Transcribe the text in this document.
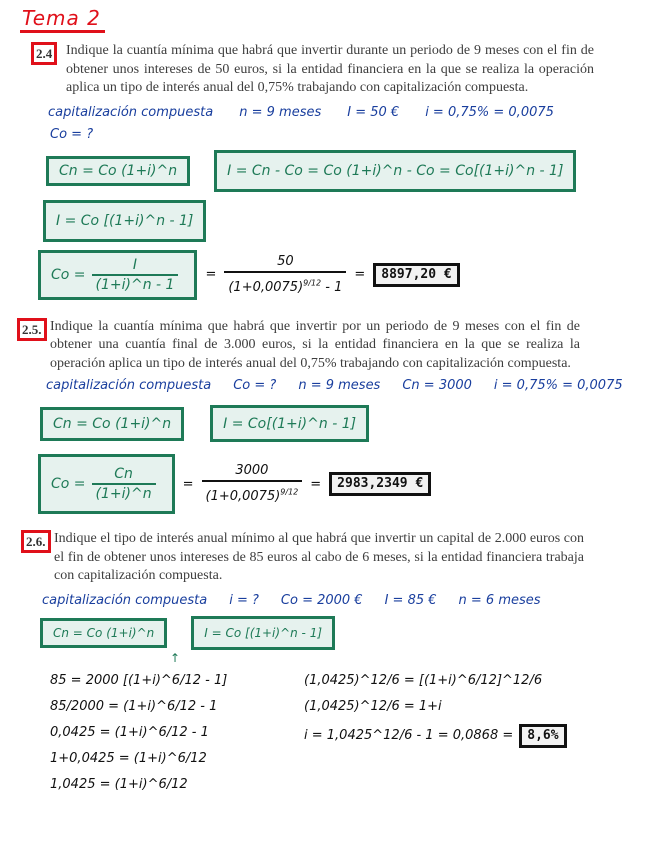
Tema 2
2.4 Indique la cuantía mínima que habrá que invertir durante un periodo de 9 meses con el fin de obtener unos intereses de 50 euros, si la entidad financiera en la que se realiza la operación aplica un tipo de interés anual del 0,75% trabajando con capitalización compuesta.
capitalización compuesta n = 9 meses I = 50 € i = 0,75% = 0,0075
Co = ?
Cn = Co (1+i)^n	I = Cn - Co = Co (1+i)^n - Co = Co[(1+i)^n - 1]
I = Co [(1+i)^n - 1]
$Co = \frac{I}{(1+i)\^{}n - 1} = \frac{50}{(1+0,0075)^{9/12} - 1}$ =	8897,20 €
2.5. Indique la cuantía mínima que habrá que invertir por un periodo de 9 meses con el fin de obtener una cuantía final de 3.000 euros, si la entidad financiera en la que se realiza la operación aplica un tipo de interés anual del 0,75% trabajando con capitalización compuesta.
capitalización compuesta Co = ? n = 9 meses Cn = 3000 i = 0,75% = 0,0075
Cn = Co (1+i)^n	I = Co[(1+i)^n - 1]
$Co = \frac{Cn}{(1+i)\^{}n} = \frac{3000}{(1+0,0075)^{9/12}}$ =	2983,2349 €
2.6. Indique el tipo de interés anual mínimo al que habrá que invertir un capital de 2.000 euros con el fin de obtener unos intereses de 85 euros al cabo de 6 meses, si la entidad financiera trabaja con capitalización compuesta.
capitalización compuesta i = ? Co = 2000 € I = 85 € n = 6 meses
Cn = Co (1+i)^n	I = Co [(1+i)^n - 1]
↑
85 = 2000 [(1+i)^6/12 - 1]
85/2000 = (1+i)^6/12 - 1
0,0425 = (1+i)^6/12 - 1
1+0,0425 = (1+i)^6/12
1,0425 = (1+i)^6/12
(1,0425)^12/6 = [(1+i)^6/12]^12/6
(1,0425)^12/6 = 1+i
i = 1,0425^12/6 - 1 = 0,0868 =	8,6%
